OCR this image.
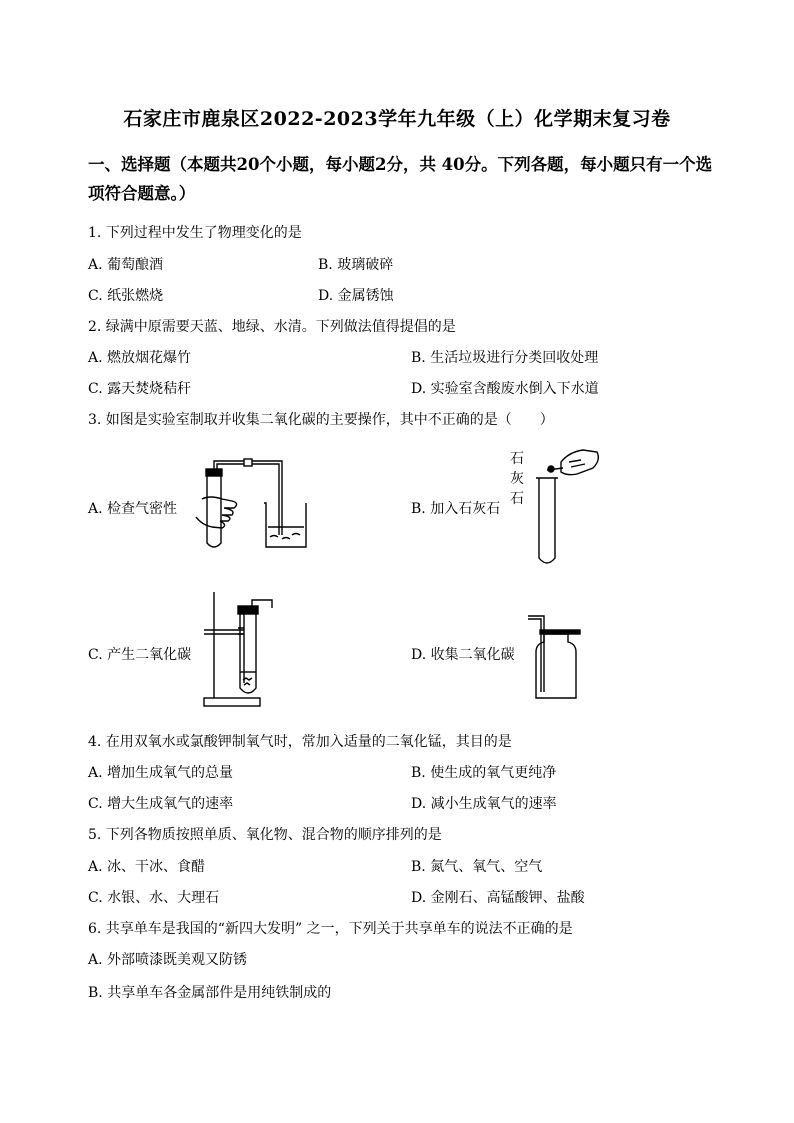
石家庄市鹿泉区2022-2023学年九年级（上）化学期末复习卷
一、选择题（本题共20个小题，每小题2分，共 40分。下列各题，每小题只有一个选
项符合题意。）
1. 下列过程中发生了物理变化的是
A. 葡萄酿酒	B. 玻璃破碎
C. 纸张燃烧	D. 金属锈蚀
2. 绿满中原需要天蓝、地绿、水清。下列做法值得提倡的是
A. 燃放烟花爆竹	B. 生活垃圾进行分类回收处理
C. 露天焚烧秸秆	D. 实验室含酸废水倒入下水道
3. 如图是实验室制取并收集二氧化碳的主要操作，其中不正确的是（　　）
A. 检查气密性	B. 加入石灰石
C. 产生二氧化碳	D. 收集二氧化碳
石
灰
石
4. 在用双氧水或氯酸钾制氧气时，常加入适量的二氧化锰，其目的是
A. 增加生成氧气的总量	B. 使生成的氧气更纯净
C. 增大生成氧气的速率	D. 减小生成氧气的速率
5. 下列各物质按照单质、氧化物、混合物的顺序排列的是
A. 冰、干冰、食醋	B. 氮气、氧气、空气
C. 水银、水、大理石	D. 金刚石、高锰酸钾、盐酸
6. 共享单车是我国的“新四大发明” 之一，下列关于共享单车的说法不正确的是
A. 外部喷漆既美观又防锈
B. 共享单车各金属部件是用纯铁制成的
